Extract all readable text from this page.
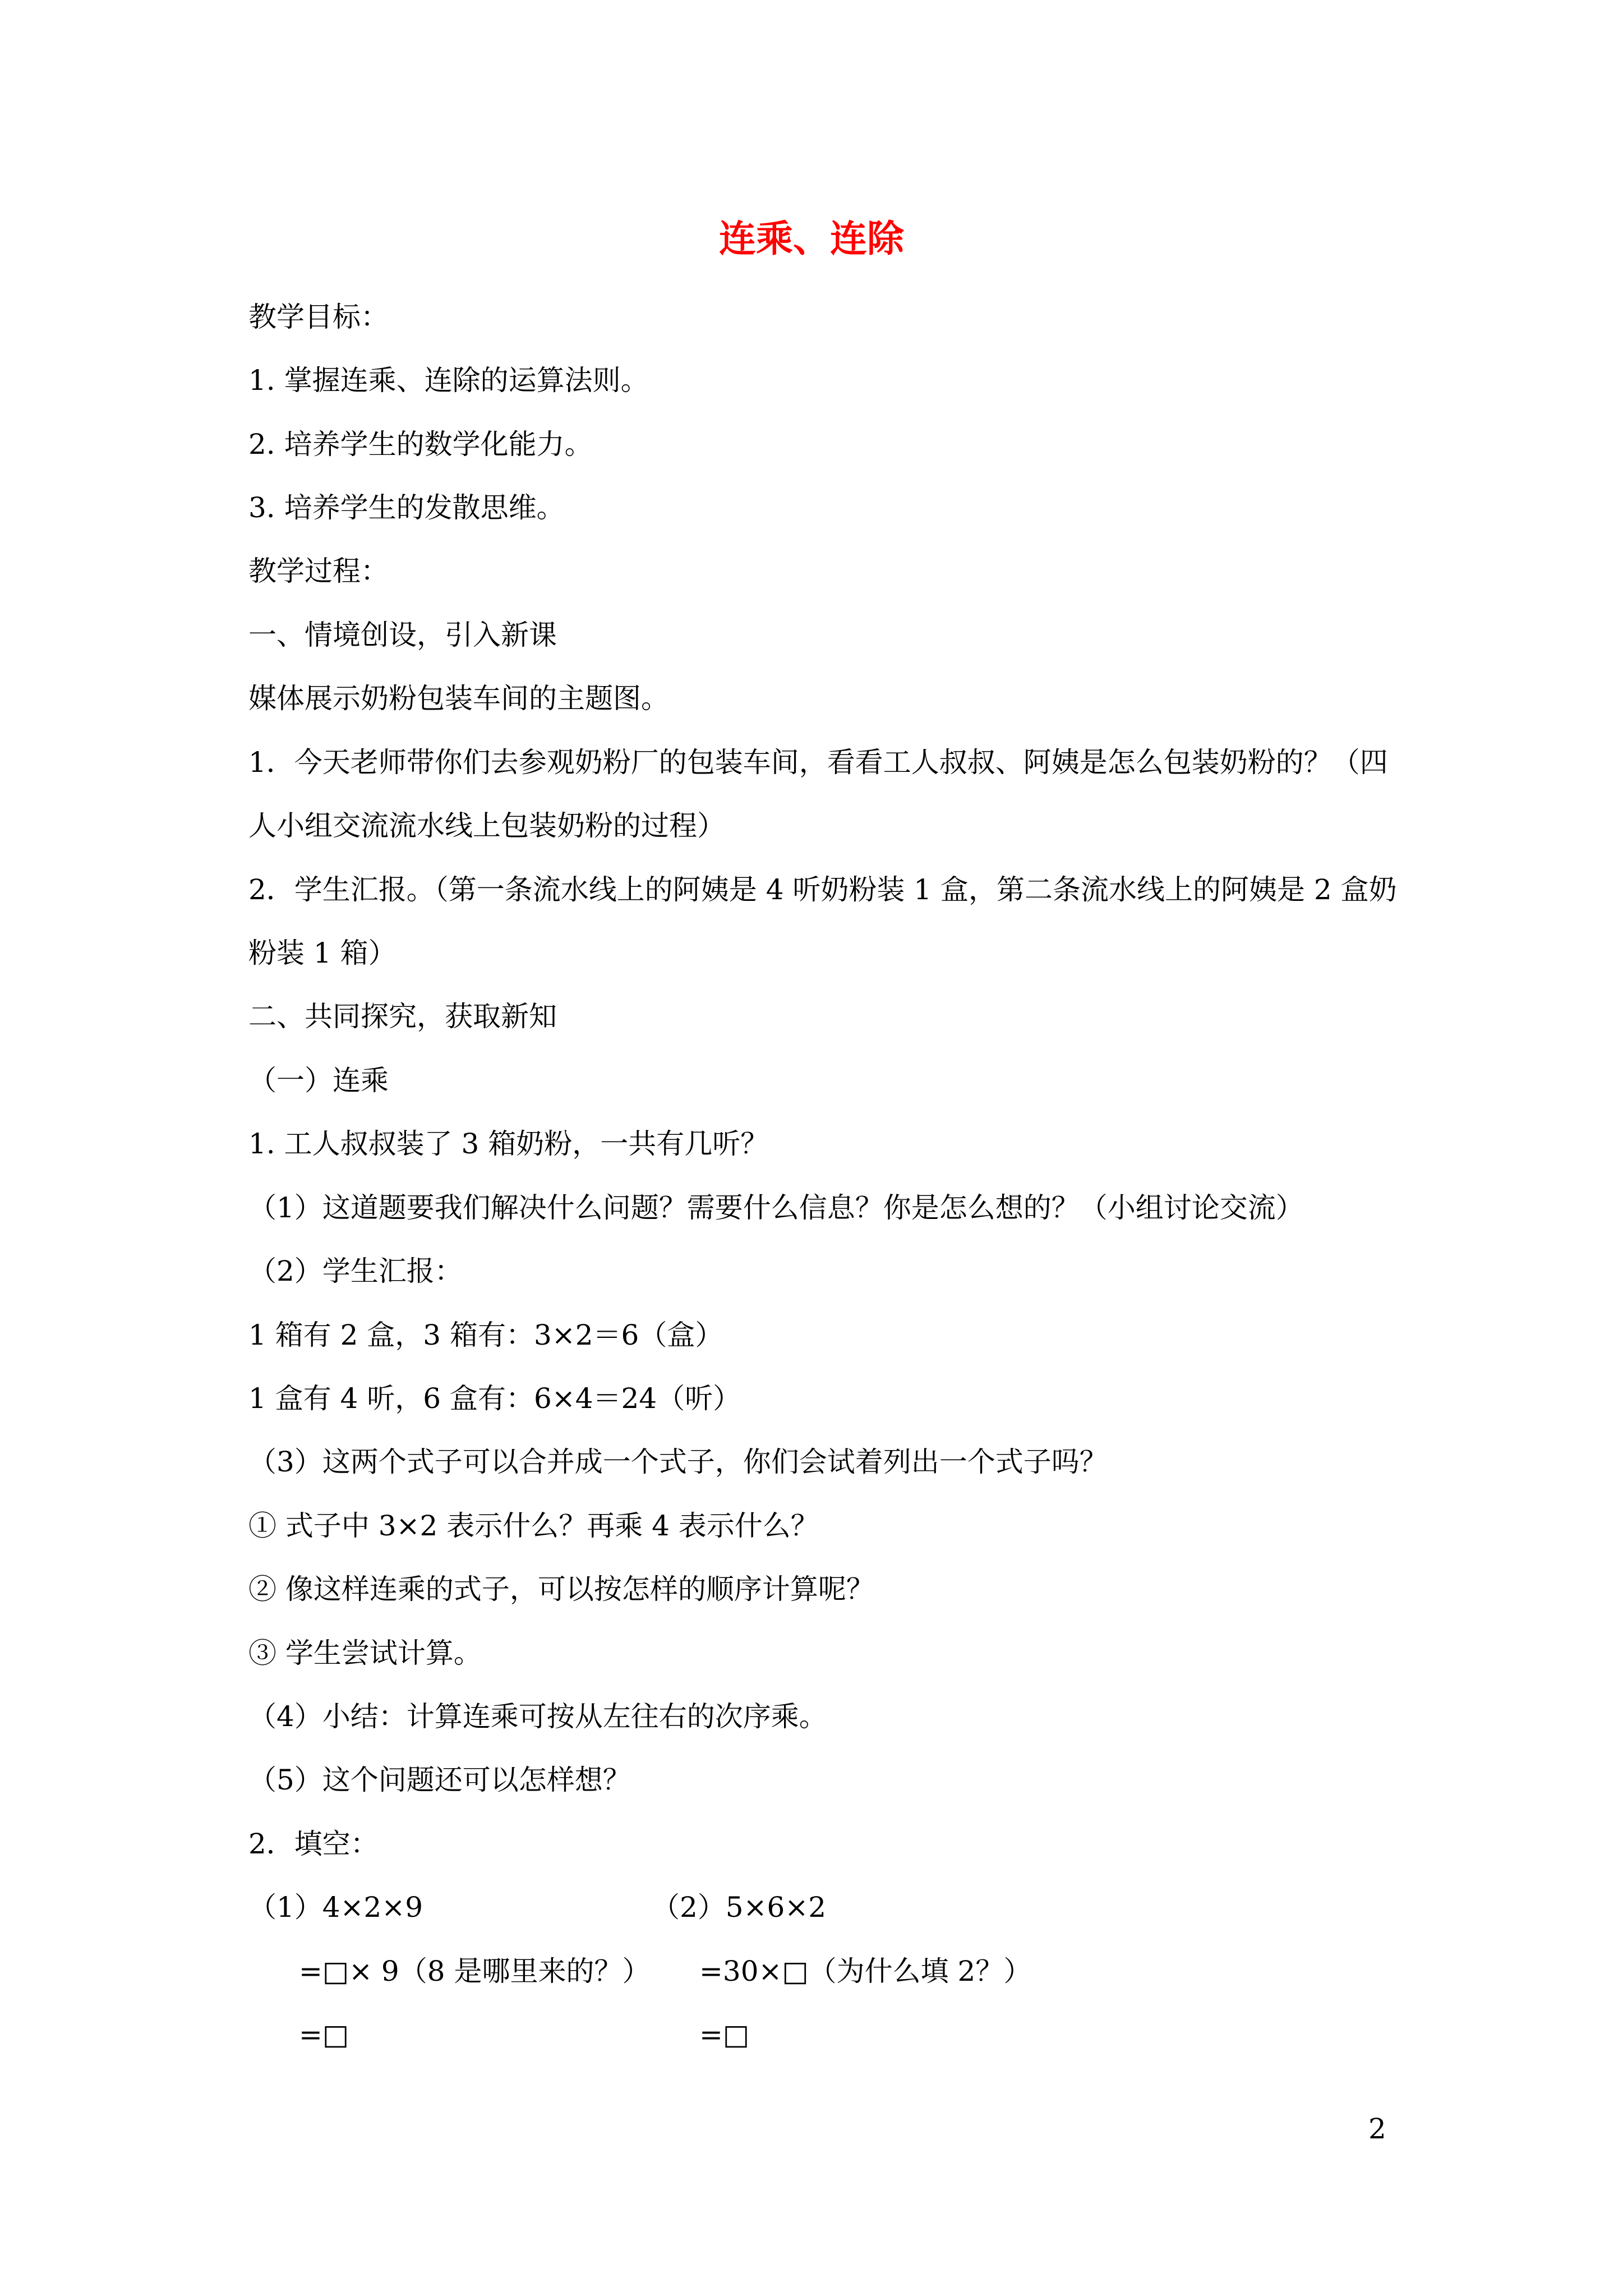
连乘、连除
教学目标：
1. 掌握连乘、连除的运算法则。
2. 培养学生的数学化能力。
3. 培养学生的发散思维。
教学过程：
一、情境创设，引入新课
媒体展示奶粉包装车间的主题图。
1．今天老师带你们去参观奶粉厂的包装车间，看看工人叔叔、阿姨是怎么包装奶粉的？（四
人小组交流流水线上包装奶粉的过程）
2．学生汇报。（第一条流水线上的阿姨是 4 听奶粉装 1 盒，第二条流水线上的阿姨是 2 盒奶
粉装 1 箱）
二、共同探究，获取新知
（一）连乘
1. 工人叔叔装了 3 箱奶粉，一共有几听？
（1）这道题要我们解决什么问题？需要什么信息？你是怎么想的？（小组讨论交流）
（2）学生汇报：
1 箱有 2 盒，3 箱有：3×2＝6（盒）
1 盒有 4 听，6 盒有：6×4＝24（听）
（3）这两个式子可以合并成一个式子，你们会试着列出一个式子吗？
① 式子中 3×2 表示什么？再乘 4 表示什么？
② 像这样连乘的式子，可以按怎样的顺序计算呢？
③ 学生尝试计算。
（4）小结：计算连乘可按从左往右的次序乘。
（5）这个问题还可以怎样想？
2．填空：
（1）4×2×9	（2）5×6×2
=□× 9（8 是哪里来的？） =30×□（为什么填 2？）
=□	=□
2
